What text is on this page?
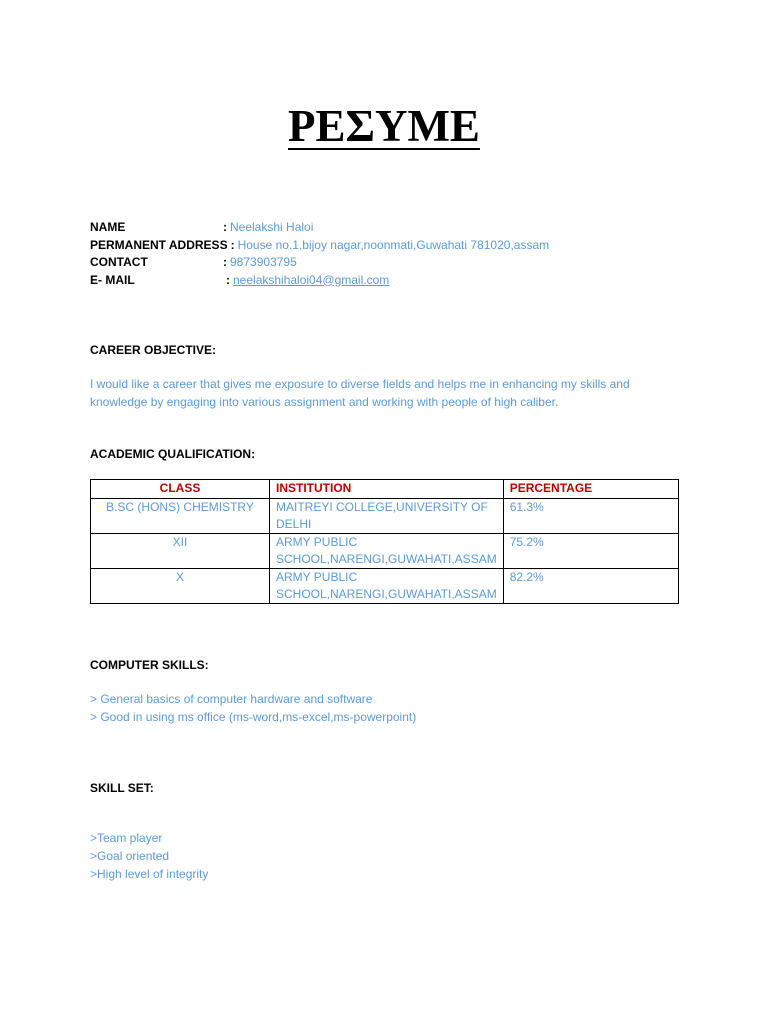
ΡΕΣΥΜΕ
NAME	: Neelakshi Haloi
PERMANENT ADDRESS : House no.1,bijoy nagar,noonmati,Guwahati 781020,assam
CONTACT	: 9873903795
E- MAIL	: neelakshihaloi04@gmail.com

CAREER OBJECTIVE:

I would like a career that gives me exposure to diverse fields and helps me in enhancing my skills and
knowledge by engaging into various assignment and working with people of high caliber.

ACADEMIC QUALIFICATION:

CLASS	INSTITUTION	PERCENTAGE
B.SC (HONS) CHEMISTRY	MAITREYI COLLEGE,UNIVERSITY OF DELHI	61.3%
XII	ARMY PUBLIC SCHOOL,NARENGI,GUWAHATI,ASSAM	75.2%
X	ARMY PUBLIC SCHOOL,NARENGI,GUWAHATI,ASSAM	82.2%

COMPUTER SKILLS:

> General basics of computer hardware and software
> Good in using ms office (ms-word,ms-excel,ms-powerpoint)

SKILL SET:

>Team player
>Goal oriented
>High level of integrity
